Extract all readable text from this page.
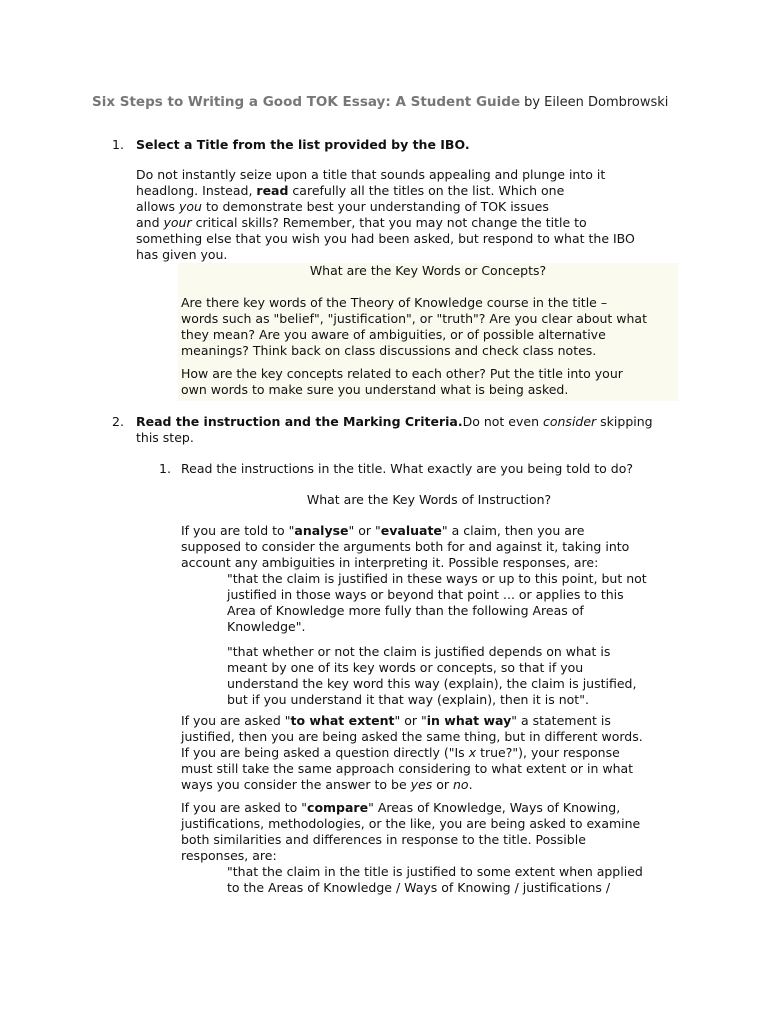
Six Steps to Writing a Good TOK Essay: A Student Guide by Eileen Dombrowski
1. Select a Title from the list provided by the IBO.
Do not instantly seize upon a title that sounds appealing and plunge into it
headlong. Instead, read carefully all the titles on the list. Which one
allows you to demonstrate best your understanding of TOK issues
and your critical skills? Remember, that you may not change the title to
something else that you wish you had been asked, but respond to what the IBO
has given you.
What are the Key Words or Concepts?
Are there key words of the Theory of Knowledge course in the title –
words such as "belief", "justification", or "truth"? Are you clear about what
they mean? Are you aware of ambiguities, or of possible alternative
meanings? Think back on class discussions and check class notes.
How are the key concepts related to each other? Put the title into your
own words to make sure you understand what is being asked.
2. Read the instruction and the Marking Criteria.Do not even consider skipping
this step.
1. Read the instructions in the title. What exactly are you being told to do?
What are the Key Words of Instruction?
If you are told to "analyse" or "evaluate" a claim, then you are
supposed to consider the arguments both for and against it, taking into
account any ambiguities in interpreting it. Possible responses, are:
"that the claim is justified in these ways or up to this point, but not
justified in those ways or beyond that point ... or applies to this
Area of Knowledge more fully than the following Areas of
Knowledge".
"that whether or not the claim is justified depends on what is
meant by one of its key words or concepts, so that if you
understand the key word this way (explain), the claim is justified,
but if you understand it that way (explain), then it is not".
If you are asked "to what extent" or "in what way" a statement is
justified, then you are being asked the same thing, but in different words.
If you are being asked a question directly ("Is x true?"), your response
must still take the same approach considering to what extent or in what
ways you consider the answer to be yes or no.
If you are asked to "compare" Areas of Knowledge, Ways of Knowing,
justifications, methodologies, or the like, you are being asked to examine
both similarities and differences in response to the title. Possible
responses, are:
"that the claim in the title is justified to some extent when applied
to the Areas of Knowledge / Ways of Knowing / justifications /
